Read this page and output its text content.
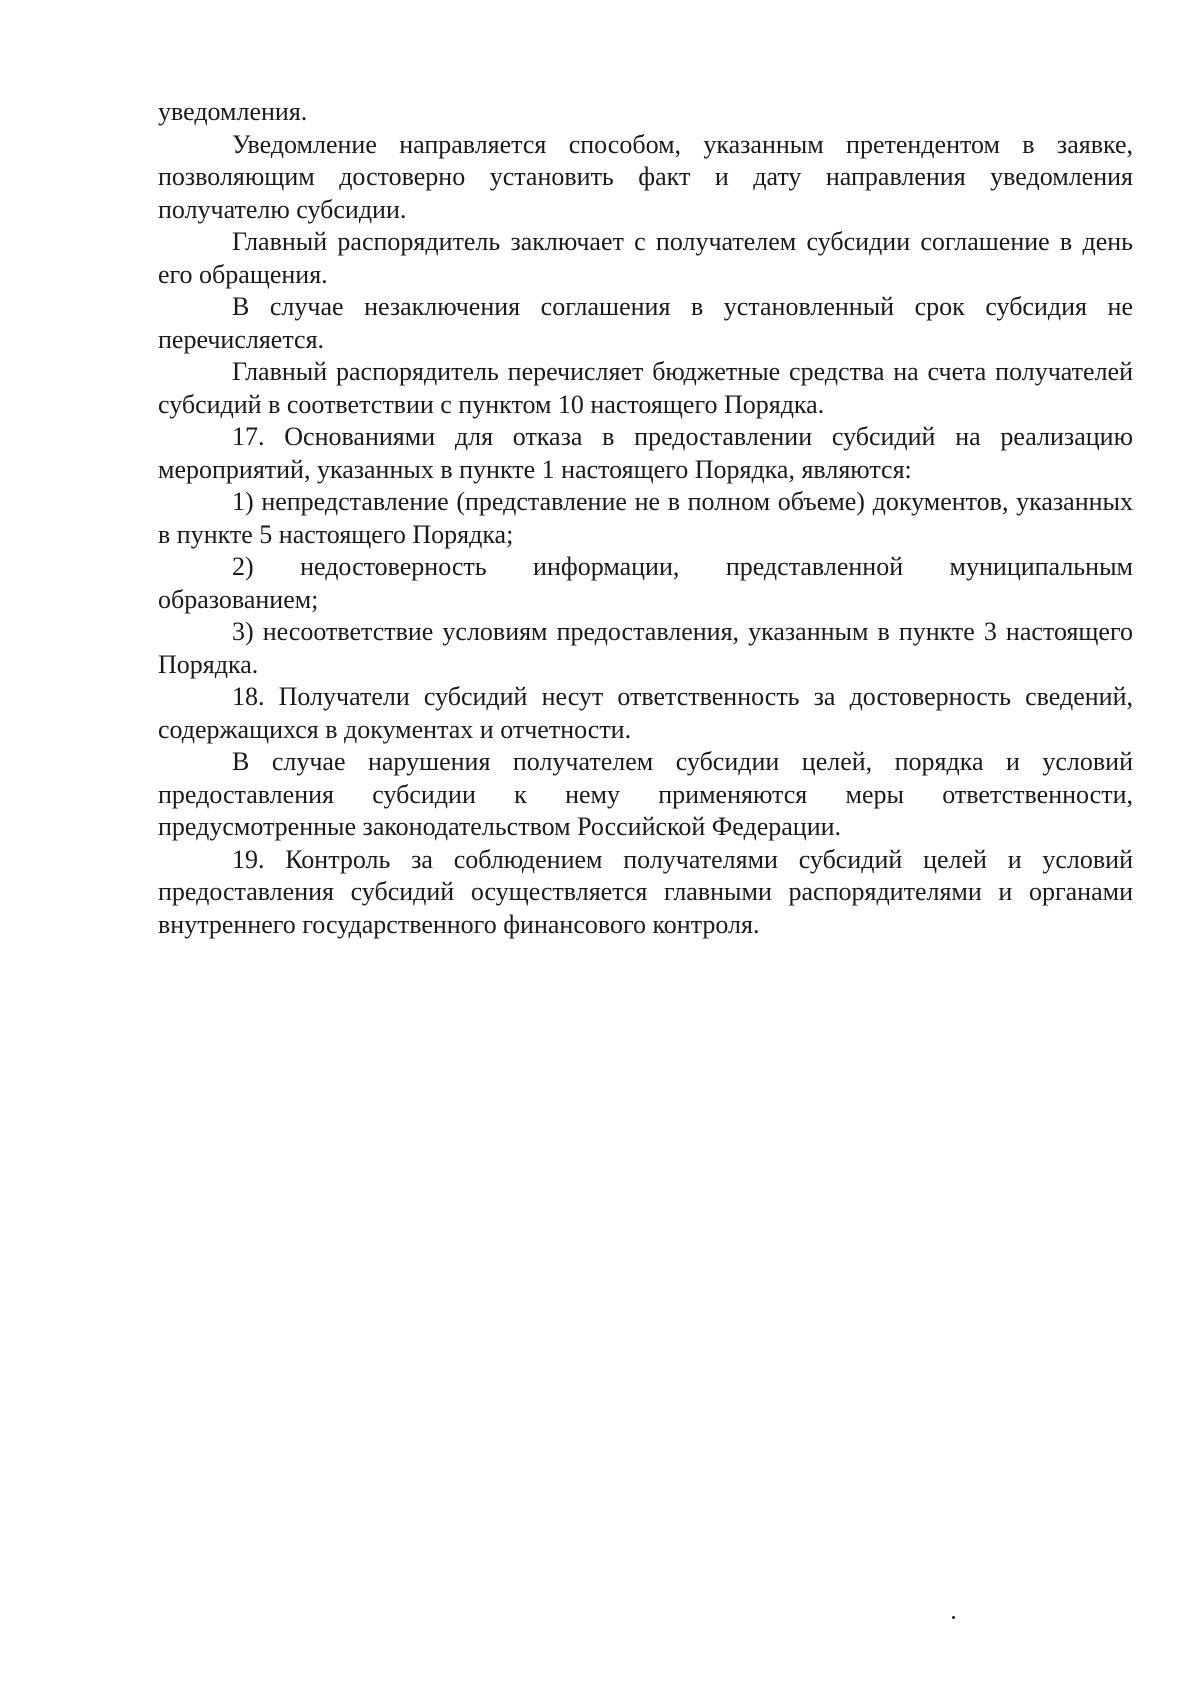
уведомления.

Уведомление направляется способом, указанным претендентом в заявке, позволяющим достоверно установить факт и дату направления уведомления получателю субсидии.

Главный распорядитель заключает с получателем субсидии соглашение в день его обращения.

В случае незаключения соглашения в установленный срок субсидия не перечисляется.

Главный распорядитель перечисляет бюджетные средства на счета получателей субсидий в соответствии с пунктом 10 настоящего Порядка.

17. Основаниями для отказа в предоставлении субсидий на реализацию мероприятий, указанных в пункте 1 настоящего Порядка, являются:

1) непредставление (представление не в полном объеме) документов, указанных в пункте 5 настоящего Порядка;

2) недостоверность информации, представленной муниципальным образованием;

3) несоответствие условиям предоставления, указанным в пункте 3 настоящего Порядка.

18. Получатели субсидий несут ответственность за достоверность сведений, содержащихся в документах и отчетности.

В случае нарушения получателем субсидии целей, порядка и условий предоставления субсидии к нему применяются меры ответственности, предусмотренные законодательством Российской Федерации.

19. Контроль за соблюдением получателями субсидий целей и условий предоставления субсидий осуществляется главными распорядителями и органами внутреннего государственного финансового контроля.
